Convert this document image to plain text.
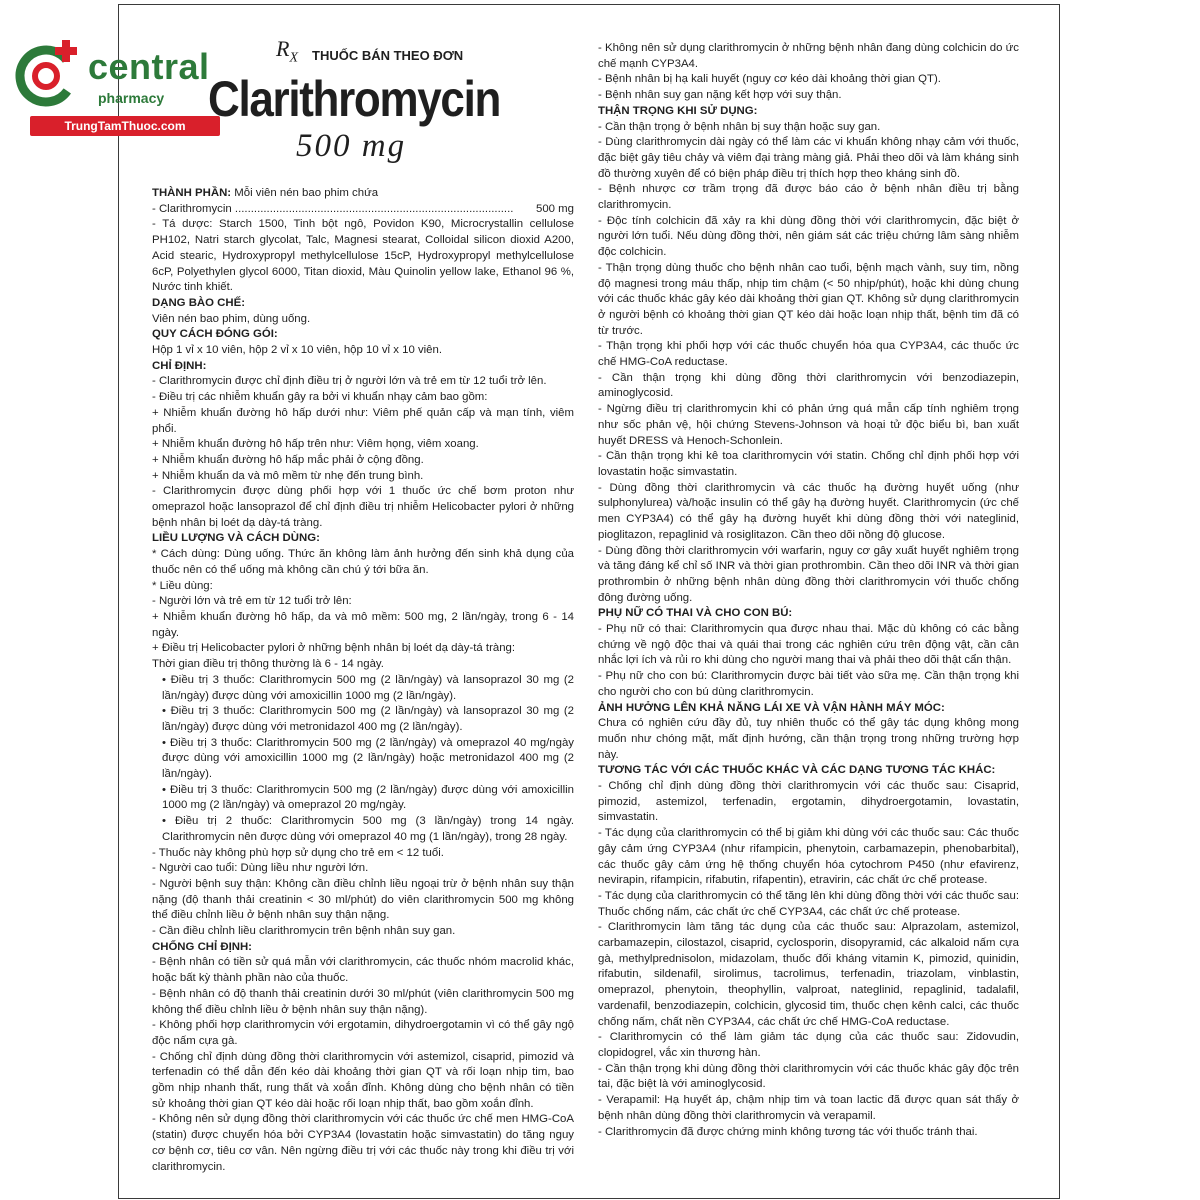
central
pharmacy
TrungTamThuoc.com
$R_X$ THUỐC BÁN THEO ĐƠN
Clarithromycin
500 mg

THÀNH PHẦN: Mỗi viên nén bao phim chứa

- Clarithromycin ........................................................................................ 500 mg

- Tá dược: Starch 1500, Tinh bột ngô, Povidon K90, Microcrystallin cellulose PH102, Natri starch glycolat, Talc, Magnesi stearat, Colloidal silicon dioxid A200, Acid stearic, Hydroxypropyl methylcellulose 15cP, Hydroxypropyl methylcellulose 6cP, Polyethylen glycol 6000, Titan dioxid, Màu Quinolin yellow lake, Ethanol 96 %, Nước tinh khiết.

DẠNG BÀO CHẾ:

Viên nén bao phim, dùng uống.

QUY CÁCH ĐÓNG GÓI:

Hộp 1 vỉ x 10 viên, hộp 2 vỉ x 10 viên, hộp 10 vỉ x 10 viên.

CHỈ ĐỊNH:

- Clarithromycin được chỉ định điều trị ở người lớn và trẻ em từ 12 tuổi trở lên.

- Điều trị các nhiễm khuẩn gây ra bởi vi khuẩn nhạy cảm bao gồm:

+ Nhiễm khuẩn đường hô hấp dưới như: Viêm phế quản cấp và mạn tính, viêm phổi.

+ Nhiễm khuẩn đường hô hấp trên như: Viêm họng, viêm xoang.

+ Nhiễm khuẩn đường hô hấp mắc phải ở cộng đồng.

+ Nhiễm khuẩn da và mô mềm từ nhẹ đến trung bình.

- Clarithromycin được dùng phối hợp với 1 thuốc ức chế bơm proton như omeprazol hoặc lansoprazol để chỉ định điều trị nhiễm Helicobacter pylori ở những bệnh nhân bị loét dạ dày-tá tràng.

LIỀU LƯỢNG VÀ CÁCH DÙNG:

* Cách dùng: Dùng uống. Thức ăn không làm ảnh hưởng đến sinh khả dụng của thuốc nên có thể uống mà không cần chú ý tới bữa ăn.

* Liều dùng:

- Người lớn và trẻ em từ 12 tuổi trở lên:

+ Nhiễm khuẩn đường hô hấp, da và mô mềm: 500 mg, 2 lần/ngày, trong 6 - 14 ngày.

+ Điều trị Helicobacter pylori ở những bệnh nhân bị loét dạ dày-tá tràng:

Thời gian điều trị thông thường là 6 - 14 ngày.

• Điều trị 3 thuốc: Clarithromycin 500 mg (2 lần/ngày) và lansoprazol 30 mg (2 lần/ngày) được dùng với amoxicillin 1000 mg (2 lần/ngày).

• Điều trị 3 thuốc: Clarithromycin 500 mg (2 lần/ngày) và lansoprazol 30 mg (2 lần/ngày) được dùng với metronidazol 400 mg (2 lần/ngày).

• Điều trị 3 thuốc: Clarithromycin 500 mg (2 lần/ngày) và omeprazol 40 mg/ngày được dùng với amoxicillin 1000 mg (2 lần/ngày) hoặc metronidazol 400 mg (2 lần/ngày).

• Điều trị 3 thuốc: Clarithromycin 500 mg (2 lần/ngày) được dùng với amoxicillin 1000 mg (2 lần/ngày) và omeprazol 20 mg/ngày.

• Điều trị 2 thuốc: Clarithromycin 500 mg (3 lần/ngày) trong 14 ngày. Clarithromycin nên được dùng với omeprazol 40 mg (1 lần/ngày), trong 28 ngày.

- Thuốc này không phù hợp sử dụng cho trẻ em < 12 tuổi.

- Người cao tuổi: Dùng liều như người lớn.

- Người bệnh suy thận: Không cần điều chỉnh liều ngoại trừ ở bệnh nhân suy thận nặng (độ thanh thải creatinin < 30 ml/phút) do viên clarithromycin 500 mg không thể điều chỉnh liều ở bệnh nhân suy thận nặng.

- Cần điều chỉnh liều clarithromycin trên bệnh nhân suy gan.

CHỐNG CHỈ ĐỊNH:

- Bệnh nhân có tiền sử quá mẫn với clarithromycin, các thuốc nhóm macrolid khác, hoặc bất kỳ thành phần nào của thuốc.

- Bệnh nhân có độ thanh thải creatinin dưới 30 ml/phút (viên clarithromycin 500 mg không thể điều chỉnh liều ở bệnh nhân suy thận nặng).

- Không phối hợp clarithromycin với ergotamin, dihydroergotamin vì có thể gây ngộ độc nấm cựa gà.

- Chống chỉ định dùng đồng thời clarithromycin với astemizol, cisaprid, pimozid và terfenadin có thể dẫn đến kéo dài khoảng thời gian QT và rối loạn nhịp tim, bao gồm nhịp nhanh thất, rung thất và xoắn đỉnh. Không dùng cho bệnh nhân có tiền sử khoảng thời gian QT kéo dài hoặc rối loạn nhịp thất, bao gồm xoắn đỉnh.

- Không nên sử dụng đồng thời clarithromycin với các thuốc ức chế men HMG-CoA (statin) được chuyển hóa bởi CYP3A4 (lovastatin hoặc simvastatin) do tăng nguy cơ bệnh cơ, tiêu cơ vân. Nên ngừng điều trị với các thuốc này trong khi điều trị với clarithromycin.

- Không nên sử dụng clarithromycin ở những bệnh nhân đang dùng colchicin do ức chế mạnh CYP3A4.

- Bệnh nhân bị hạ kali huyết (nguy cơ kéo dài khoảng thời gian QT).

- Bệnh nhân suy gan nặng kết hợp với suy thận.

THẬN TRỌNG KHI SỬ DỤNG:

- Cần thận trọng ở bệnh nhân bị suy thận hoặc suy gan.

- Dùng clarithromycin dài ngày có thể làm các vi khuẩn không nhạy cảm với thuốc, đặc biệt gây tiêu chảy và viêm đại tràng màng giả. Phải theo dõi và làm kháng sinh đồ thường xuyên để có biện pháp điều trị thích hợp theo kháng sinh đồ.

- Bệnh nhược cơ trầm trọng đã được báo cáo ở bệnh nhân điều trị bằng clarithromycin.

- Độc tính colchicin đã xảy ra khi dùng đồng thời với clarithromycin, đặc biệt ở người lớn tuổi. Nếu dùng đồng thời, nên giám sát các triệu chứng lâm sàng nhiễm độc colchicin.

- Thận trọng dùng thuốc cho bệnh nhân cao tuổi, bệnh mạch vành, suy tim, nồng độ magnesi trong máu thấp, nhịp tim chậm (< 50 nhịp/phút), hoặc khi dùng chung với các thuốc khác gây kéo dài khoảng thời gian QT. Không sử dụng clarithromycin ở người bệnh có khoảng thời gian QT kéo dài hoặc loạn nhịp thất, bệnh tim đã có từ trước.

- Thận trọng khi phối hợp với các thuốc chuyển hóa qua CYP3A4, các thuốc ức chế HMG-CoA reductase.

- Cần thận trọng khi dùng đồng thời clarithromycin với benzodiazepin, aminoglycosid.

- Ngừng điều trị clarithromycin khi có phản ứng quá mẫn cấp tính nghiêm trọng như sốc phản vệ, hội chứng Stevens-Johnson và hoại tử độc biểu bì, ban xuất huyết DRESS và Henoch-Schonlein.

- Cần thận trọng khi kê toa clarithromycin với statin. Chống chỉ định phối hợp với lovastatin hoặc simvastatin.

- Dùng đồng thời clarithromycin và các thuốc hạ đường huyết uống (như sulphonylurea) và/hoặc insulin có thể gây hạ đường huyết. Clarithromycin (ức chế men CYP3A4) có thể gây hạ đường huyết khi dùng đồng thời với nateglinid, pioglitazon, repaglinid và rosiglitazon. Cần theo dõi nồng độ glucose.

- Dùng đồng thời clarithromycin với warfarin, nguy cơ gây xuất huyết nghiêm trọng và tăng đáng kể chỉ số INR và thời gian prothrombin. Cần theo dõi INR và thời gian prothrombin ở những bệnh nhân dùng đồng thời clarithromycin với thuốc chống đông đường uống.

PHỤ NỮ CÓ THAI VÀ CHO CON BÚ:

- Phụ nữ có thai: Clarithromycin qua được nhau thai. Mặc dù không có các bằng chứng về ngộ độc thai và quái thai trong các nghiên cứu trên động vật, cần cân nhắc lợi ích và rủi ro khi dùng cho người mang thai và phải theo dõi thật cẩn thận.

- Phụ nữ cho con bú: Clarithromycin được bài tiết vào sữa mẹ. Cần thận trọng khi cho người cho con bú dùng clarithromycin.

ẢNH HƯỞNG LÊN KHẢ NĂNG LÁI XE VÀ VẬN HÀNH MÁY MÓC:

Chưa có nghiên cứu đầy đủ, tuy nhiên thuốc có thể gây tác dụng không mong muốn như chóng mặt, mất định hướng, cần thận trọng trong những trường hợp này.

TƯƠNG TÁC VỚI CÁC THUỐC KHÁC VÀ CÁC DẠNG TƯƠNG TÁC KHÁC:

- Chống chỉ định dùng đồng thời clarithromycin với các thuốc sau: Cisaprid, pimozid, astemizol, terfenadin, ergotamin, dihydroergotamin, lovastatin, simvastatin.

- Tác dụng của clarithromycin có thể bị giảm khi dùng với các thuốc sau: Các thuốc gây cảm ứng CYP3A4 (như rifampicin, phenytoin, carbamazepin, phenobarbital), các thuốc gây cảm ứng hệ thống chuyển hóa cytochrom P450 (như efavirenz, nevirapin, rifampicin, rifabutin, rifapentin), etravirin, các chất ức chế protease.

- Tác dụng của clarithromycin có thể tăng lên khi dùng đồng thời với các thuốc sau: Thuốc chống nấm, các chất ức chế CYP3A4, các chất ức chế protease.

- Clarithromycin làm tăng tác dụng của các thuốc sau: Alprazolam, astemizol, carbamazepin, cilostazol, cisaprid, cyclosporin, disopyramid, các alkaloid nấm cựa gà, methylprednisolon, midazolam, thuốc đối kháng vitamin K, pimozid, quinidin, rifabutin, sildenafil, sirolimus, tacrolimus, terfenadin, triazolam, vinblastin, omeprazol, phenytoin, theophyllin, valproat, nateglinid, repaglinid, tadalafil, vardenafil, benzodiazepin, colchicin, glycosid tim, thuốc chẹn kênh calci, các thuốc chống nấm, chất nền CYP3A4, các chất ức chế HMG-CoA reductase.

- Clarithromycin có thể làm giảm tác dụng của các thuốc sau: Zidovudin, clopidogrel, vắc xin thương hàn.

- Cần thận trọng khi dùng đồng thời clarithromycin với các thuốc khác gây độc trên tai, đặc biệt là với aminoglycosid.

- Verapamil: Hạ huyết áp, chậm nhịp tim và toan lactic đã được quan sát thấy ở bệnh nhân dùng đồng thời clarithromycin và verapamil.

- Clarithromycin đã được chứng minh không tương tác với thuốc tránh thai.
